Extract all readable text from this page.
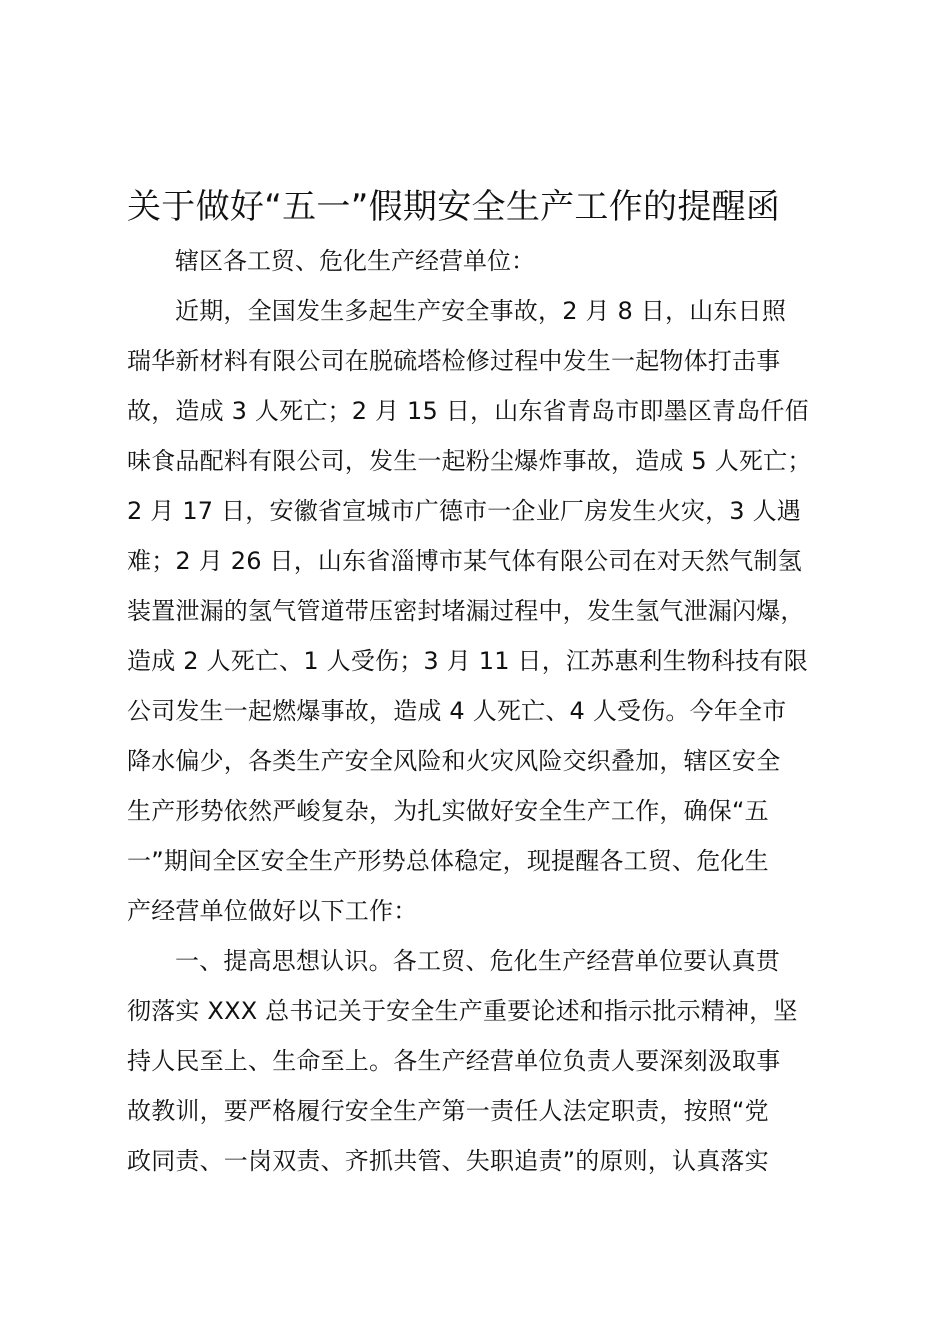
关于做好“五一”假期安全生产工作的提醒函

辖区各工贸、危化生产经营单位：

近期，全国发生多起生产安全事故，2 月 8 日，山东日照
瑞华新材料有限公司在脱硫塔检修过程中发生一起物体打击事
故，造成 3 人死亡；2 月 15 日，山东省青岛市即墨区青岛仟佰
味食品配料有限公司，发生一起粉尘爆炸事故，造成 5 人死亡；
2 月 17 日，安徽省宣城市广德市一企业厂房发生火灾，3 人遇
难；2 月 26 日，山东省淄博市某气体有限公司在对天然气制氢
装置泄漏的氢气管道带压密封堵漏过程中，发生氢气泄漏闪爆，
造成 2 人死亡、1 人受伤；3 月 11 日，江苏惠利生物科技有限
公司发生一起燃爆事故，造成 4 人死亡、4 人受伤。今年全市
降水偏少，各类生产安全风险和火灾风险交织叠加，辖区安全
生产形势依然严峻复杂，为扎实做好安全生产工作，确保“五
一”期间全区安全生产形势总体稳定，现提醒各工贸、危化生
产经营单位做好以下工作：
一、提高思想认识。各工贸、危化生产经营单位要认真贯
彻落实 XXX 总书记关于安全生产重要论述和指示批示精神，坚
持人民至上、生命至上。各生产经营单位负责人要深刻汲取事
故教训，要严格履行安全生产第一责任人法定职责，按照“党
政同责、一岗双责、齐抓共管、失职追责”的原则，认真落实
